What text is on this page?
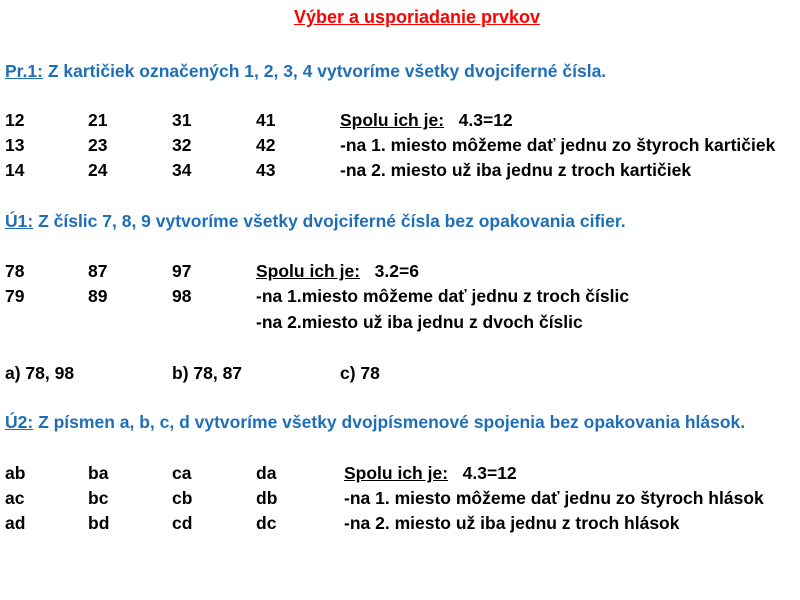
Výber a usporiadanie prvkov
Pr.1: Z kartičiek označených 1, 2, 3, 4 vytvoríme všetky dvojciferné čísla.
12	21	31	41
13	23	32	42
14	24	34	43
Spolu ich je: 4.3=12
-na 1. miesto môžeme dať jednu zo štyroch kartičiek
-na 2. miesto už iba jednu z troch kartičiek
Ú1: Z číslic 7, 8, 9 vytvoríme všetky dvojciferné čísla bez opakovania cifier.
78	87	97
79	89	98
Spolu ich je: 3.2=6
-na 1.miesto môžeme dať jednu z troch číslic
-na 2.miesto už iba jednu z dvoch číslic
a) 78, 98	b) 78, 87	c) 78
Ú2: Z písmen a, b, c, d vytvoríme všetky dvojpísmenové spojenia bez opakovania hlások.
ab	ba	ca	da
ac	bc	cb	db
ad	bd	cd	dc
Spolu ich je: 4.3=12
-na 1. miesto môžeme dať jednu zo štyroch hlások
-na 2. miesto už iba jednu z troch hlások
